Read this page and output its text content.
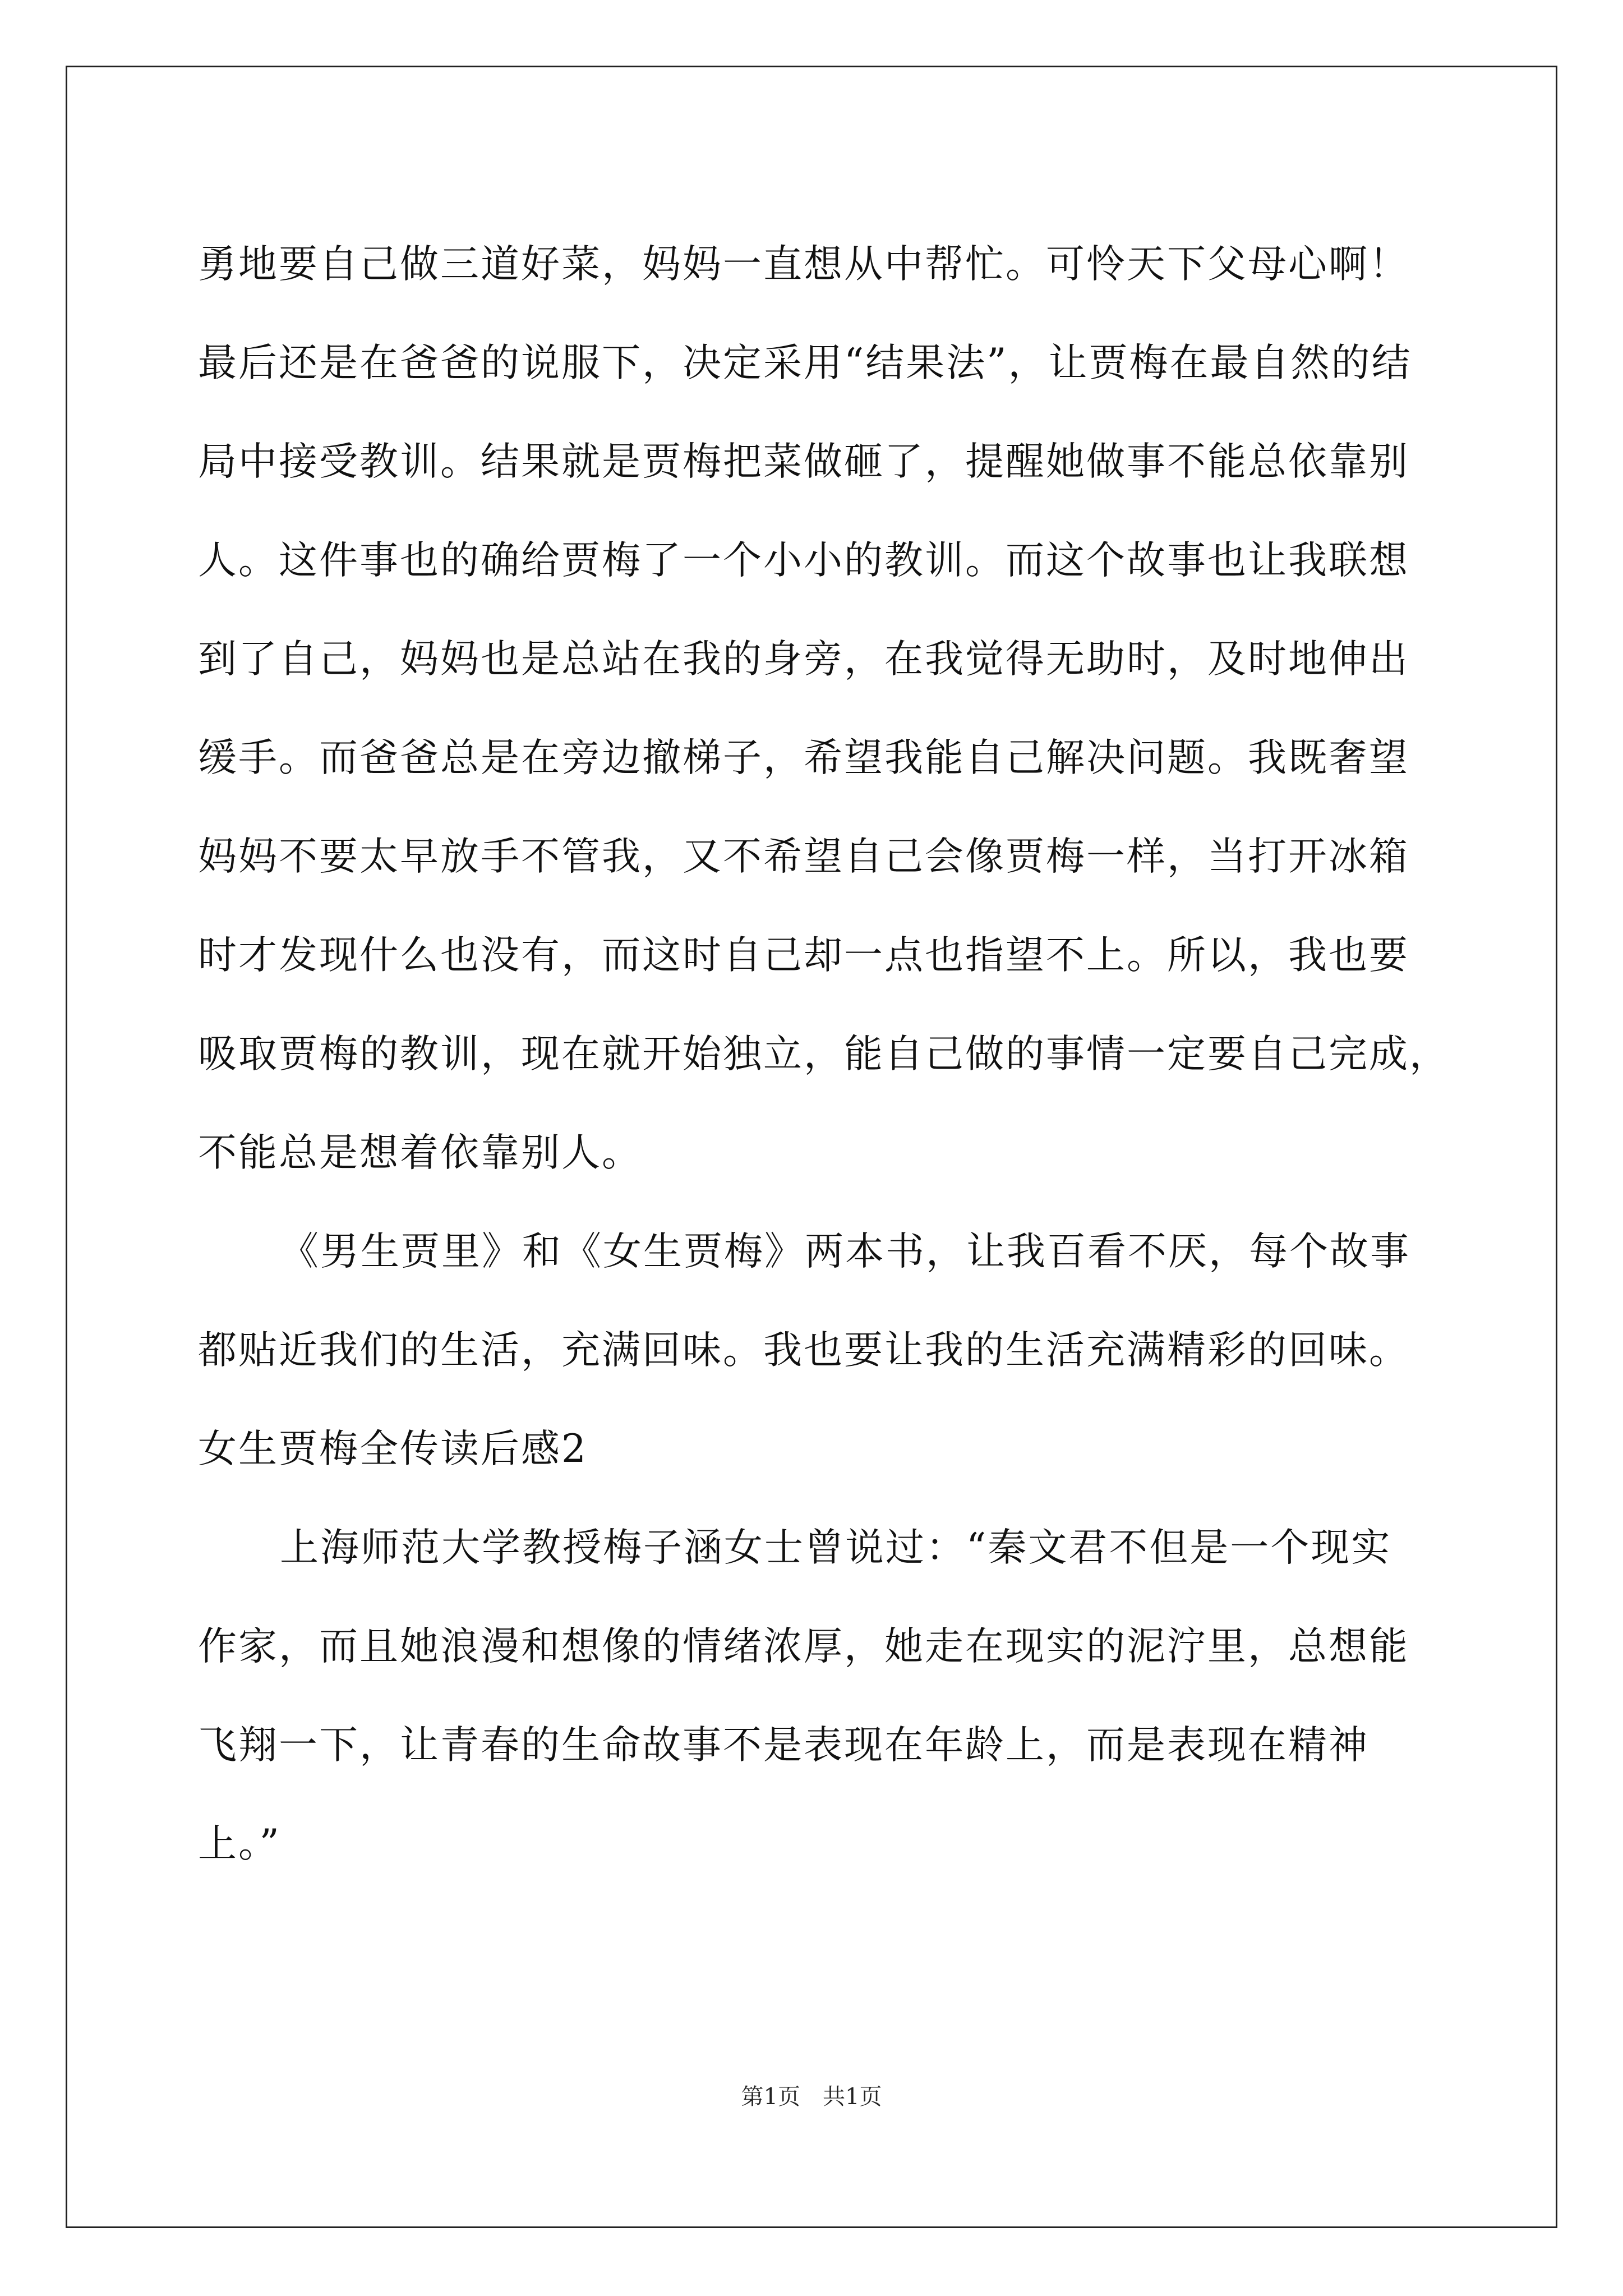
勇地要自己做三道好菜，妈妈一直想从中帮忙。可怜天下父母心啊！
最后还是在爸爸的说服下，决定采用“结果法”，让贾梅在最自然的结
局中接受教训。结果就是贾梅把菜做砸了，提醒她做事不能总依靠别
人。这件事也的确给贾梅了一个小小的教训。而这个故事也让我联想
到了自己，妈妈也是总站在我的身旁，在我觉得无助时，及时地伸出
缓手。而爸爸总是在旁边撤梯子，希望我能自己解决问题。我既奢望
妈妈不要太早放手不管我，又不希望自己会像贾梅一样，当打开冰箱
时才发现什么也没有，而这时自己却一点也指望不上。所以，我也要
吸取贾梅的教训，现在就开始独立，能自己做的事情一定要自己完成，
不能总是想着依靠别人。
《男生贾里》和《女生贾梅》两本书，让我百看不厌，每个故事
都贴近我们的生活，充满回味。我也要让我的生活充满精彩的回味。
女生贾梅全传读后感2
上海师范大学教授梅子涵女士曾说过：“秦文君不但是一个现实
作家，而且她浪漫和想像的情绪浓厚，她走在现实的泥泞里，总想能
飞翔一下，让青春的生命故事不是表现在年龄上，而是表现在精神
上。”
第1页　共1页
